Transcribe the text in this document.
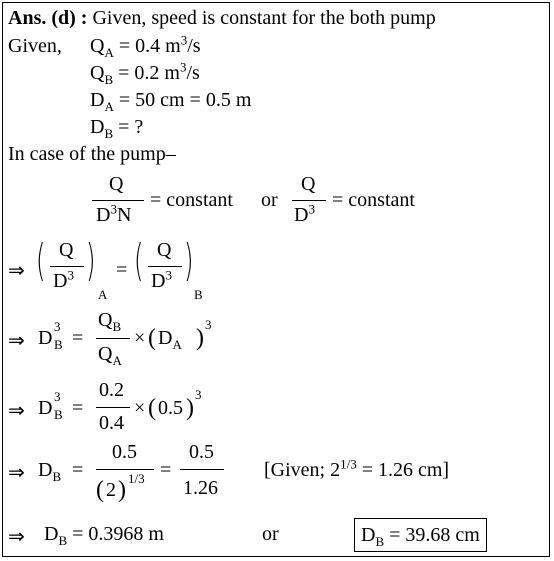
Ans. (d) : Given, speed is constant for the both pump
Given, $Q_A = 0.4$ $m^3/s$
$Q_B = 0.2$ $m^3/s$
$D_A = 50$ cm = 0.5 m
$D_B$ = ?
In case of the pump–
Q
$D^3N$
= constant or
Q
$D^3$ = constant
⇒ ( Q
$D^3$ )
A
= ( Q
$D^3$ )
B
⇒ D
3
B =
$Q_B$
$Q_A$
× ( $D_A$ )
3
⇒ D
3
B =
0.2
0.4
× ( 0.5 )
3
⇒ $D_B$ =
0.5
( 2 ) 1/3 =
0.5
1.26
[Given; $2^{1/3} = 1.26$ cm]
⇒ $D_B = 0.3968$ m	or	$D_B = 39.68$ cm
